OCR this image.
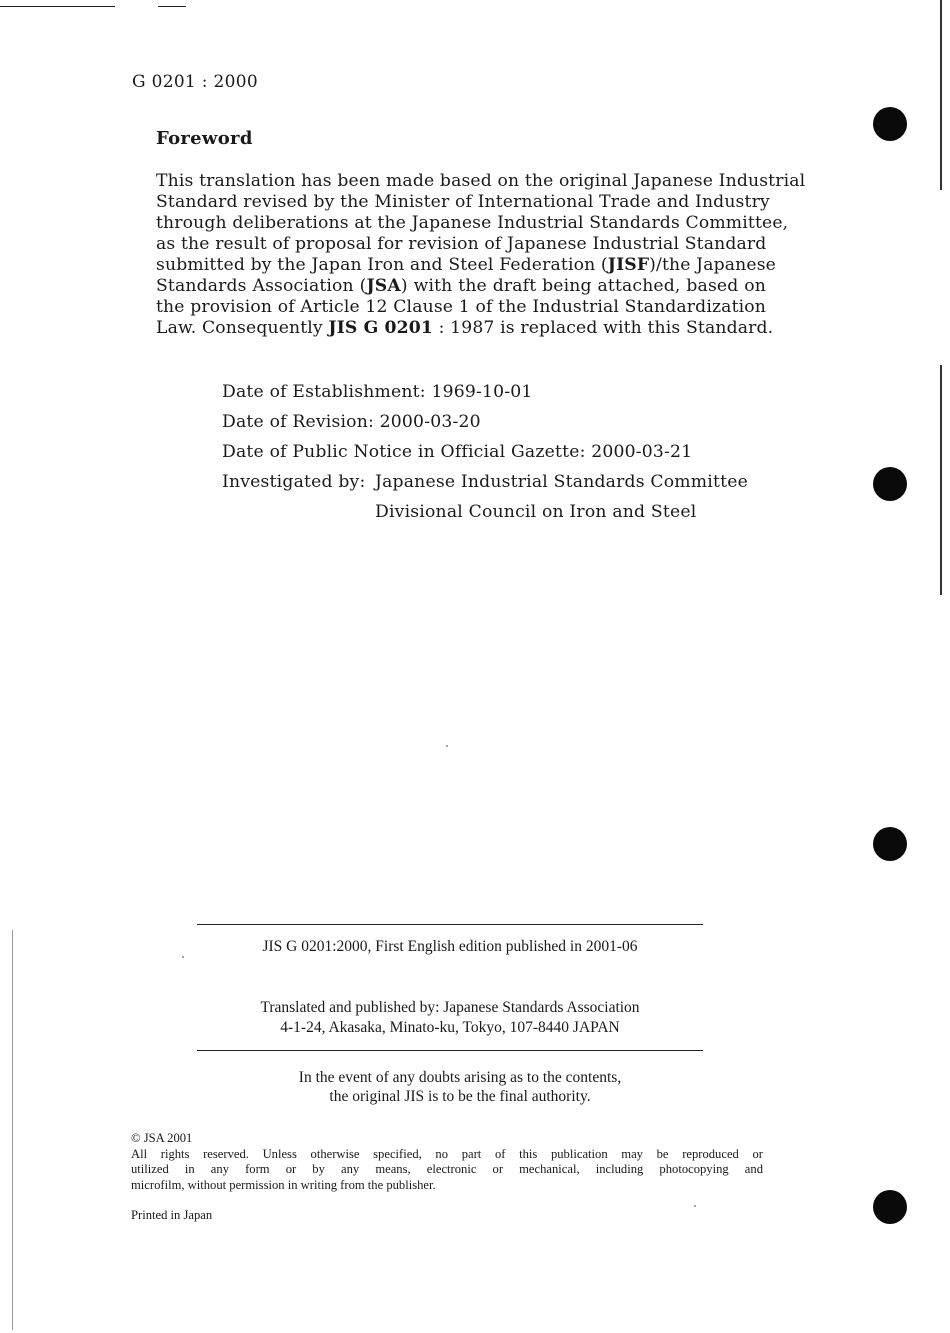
G 0201 : 2000
Foreword
This translation has been made based on the original Japanese Industrial
Standard revised by the Minister of International Trade and Industry
through deliberations at the Japanese Industrial Standards Committee,
as the result of proposal for revision of Japanese Industrial Standard
submitted by the Japan Iron and Steel Federation (JISF)/the Japanese
Standards Association (JSA) with the draft being attached, based on
the provision of Article 12 Clause 1 of the Industrial Standardization
Law. Consequently JIS G 0201 : 1987 is replaced with this Standard.
Date of Establishment: 1969-10-01
Date of Revision: 2000-03-20
Date of Public Notice in Official Gazette: 2000-03-21
Investigated by: Japanese Industrial Standards Committee
Divisional Council on Iron and Steel
JIS G 0201:2000, First English edition published in 2001-06
Translated and published by: Japanese Standards Association
4-1-24, Akasaka, Minato-ku, Tokyo, 107-8440 JAPAN
In the event of any doubts arising as to the contents,
the original JIS is to be the final authority.
© JSA 2001
All rights reserved. Unless otherwise specified, no part of this publication may be reproduced or
utilized in any form or by any means, electronic or mechanical, including photocopying and
microfilm, without permission in writing from the publisher.
Printed in Japan
